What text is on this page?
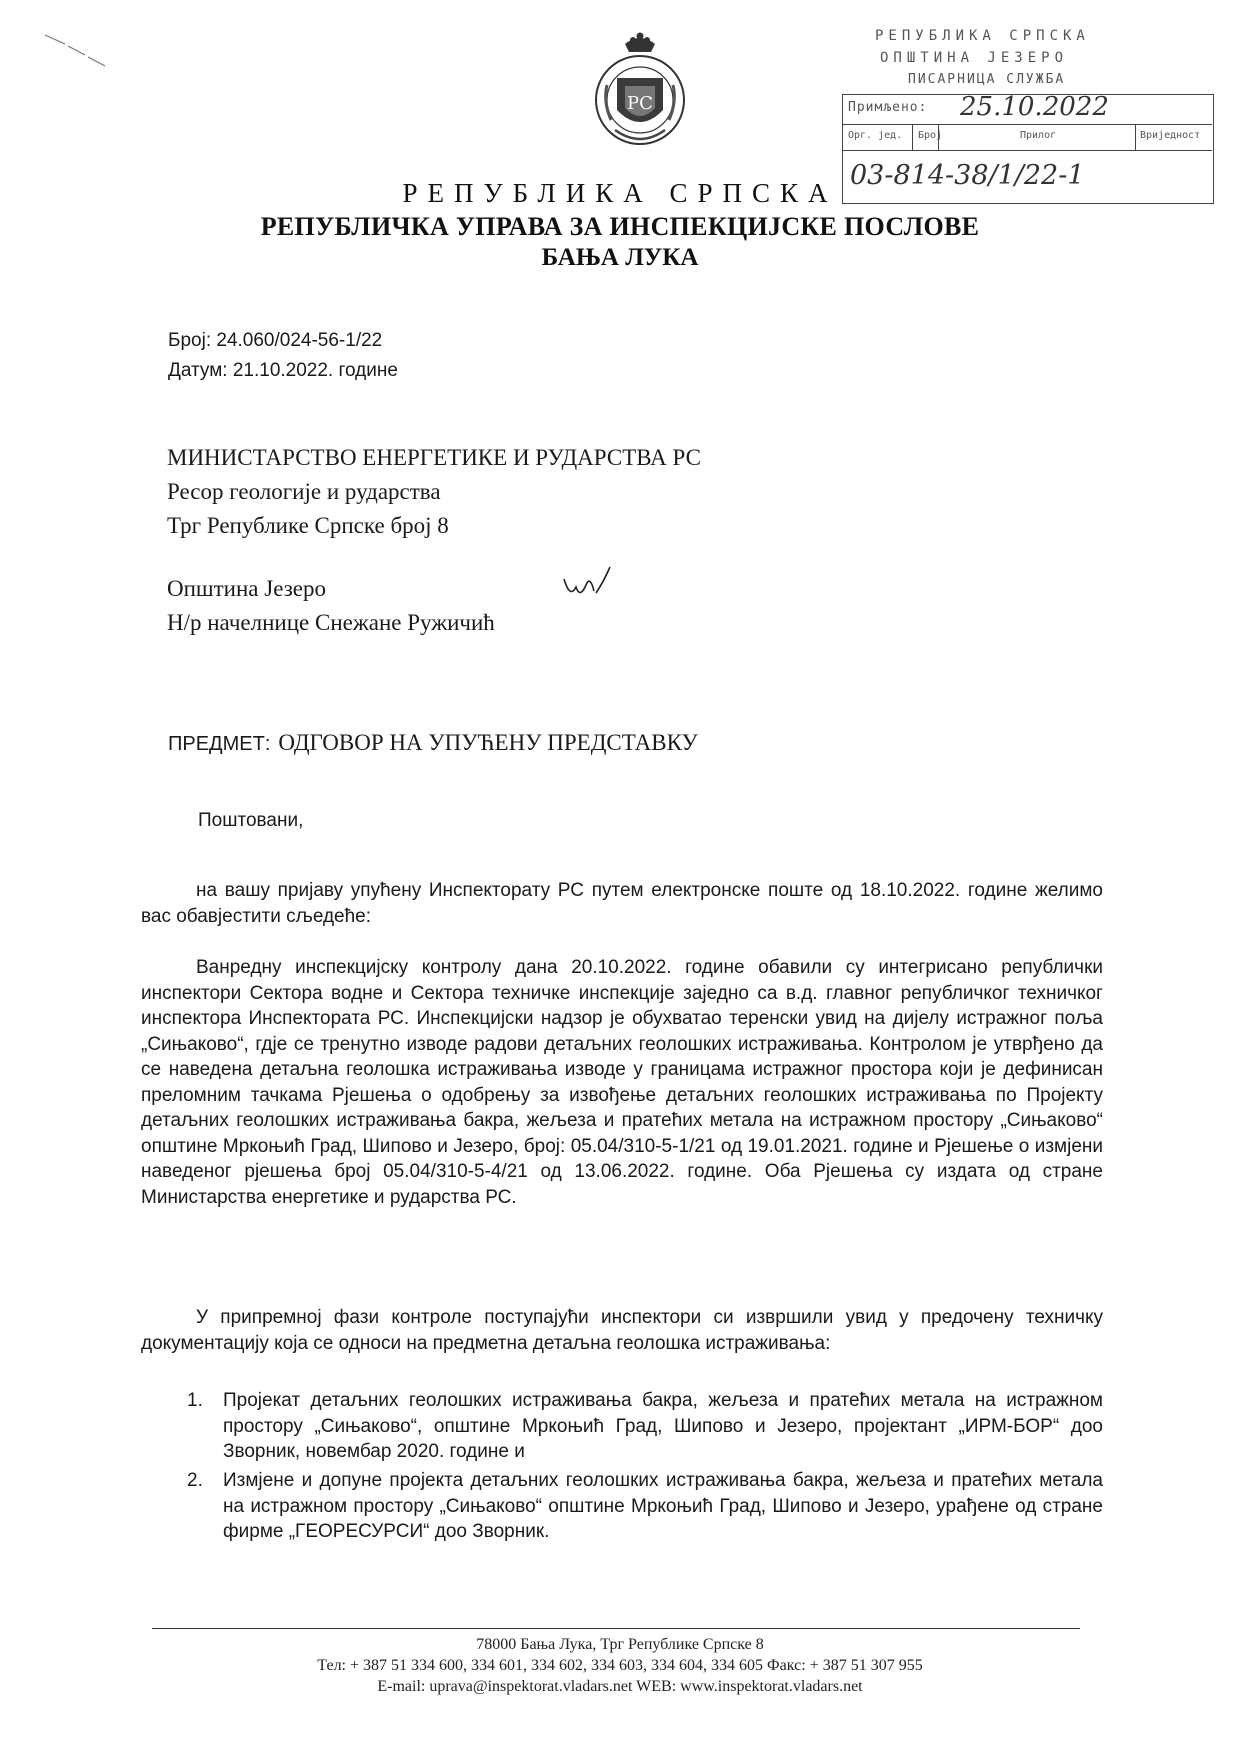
РС
РЕПУБЛИКА СРПСКА
ОПШТИНА ЈЕЗЕРО
ПИСАРНИЦА СЛУЖБА
Примљено: 25.10.2022
Орг. јед. Број	Прилог	Вриједност
03-814-38/1/22-1
РЕПУБЛИКА СРПСКА
РЕПУБЛИЧКА УПРАВА ЗА ИНСПЕКЦИЈСКЕ ПОСЛОВЕ
БАЊА ЛУКА
Број: 24.060/024-56-1/22
Датум: 21.10.2022. године
МИНИСТАРСТВО ЕНЕРГЕТИКЕ И РУДАРСТВА РС
Ресор геологије и рударства
Трг Републике Српске број 8
Општина Језеро
Н/р начелнице Снежане Ружичић
ПРЕДМЕТ: ОДГОВОР НА УПУЋЕНУ ПРЕДСТАВКУ
Поштовани,
на вашу пријаву упућену Инспекторату РС путем електронске поште од 18.10.2022. године желимо вас обавјестити сљедеће:
Ванредну инспекцијску контролу дана 20.10.2022. године обавили су интегрисано републички инспектори Сектора водне и Сектора техничке инспекције заједно са в.д. главног републичког техничког инспектора Инспектората РС. Инспекцијски надзор је обухватао теренски увид на дијелу истражног поља „Сињаково“, гдје се тренутно изводе радови детаљних геолошких истраживања. Контролом је утврђено да се наведена детаљна геолошка истраживања изводе у границама истражног простора који је дефинисан преломним тачкама Рјешења о одобрењу за извођење детаљних геолошких истраживања по Пројекту детаљних геолошких истраживања бакра, жељеза и пратећих метала на истражном простору „Сињаково“ општине Мркоњић Град, Шипово и Језеро, број: 05.04/310-5-1/21 од 19.01.2021. године и Рјешење о измјени наведеног рјешења број 05.04/310-5-4/21 од 13.06.2022. године. Оба Рјешења су издата од стране Министарства енергетике и рударства РС.
У припремној фази контроле поступајући инспектори си извршили увид у предочену техничку документацију која се односи на предметна детаљна геолошка истраживања:
1. Пројекат детаљних геолошких истраживања бакра, жељеза и пратећих метала на истражном простору „Сињаково“, општине Мркоњић Град, Шипово и Језеро, пројектант „ИРМ-БОР“ доо Зворник, новембар 2020. године и
2. Измјене и допуне пројекта детаљних геолошких истраживања бакра, жељеза и пратећих метала на истражном простору „Сињаково“ општине Мркоњић Град, Шипово и Језеро, урађене од стране фирме „ГЕОРЕСУРСИ“ доо Зворник.
78000 Бања Лука, Трг Републике Српске 8
Тел: + 387 51 334 600, 334 601, 334 602, 334 603, 334 604, 334 605 Факс: + 387 51 307 955
E-mail: uprava@inspektorat.vladars.net WEB: www.inspektorat.vladars.net
